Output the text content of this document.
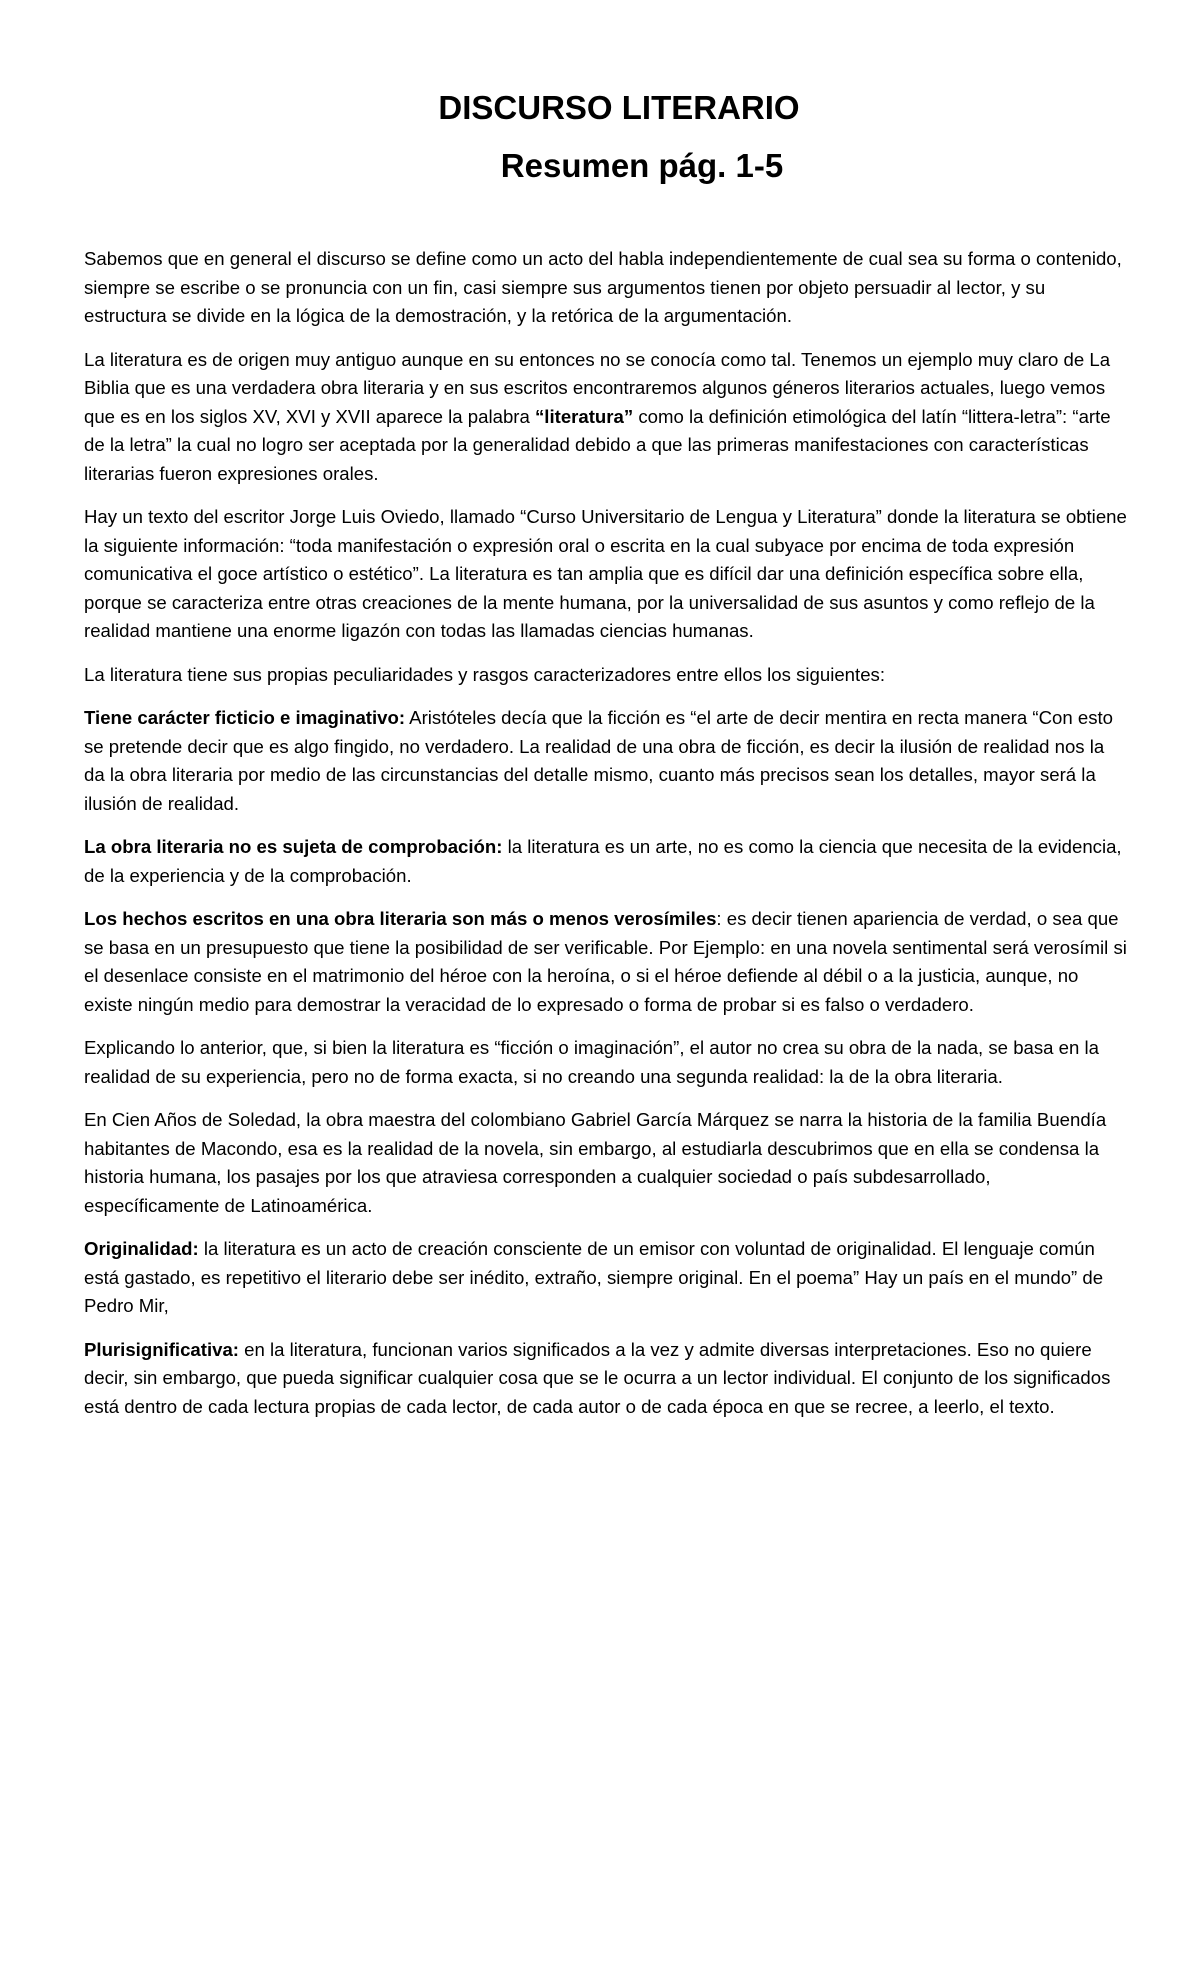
DISCURSO LITERARIO
Resumen pág. 1-5

Sabemos que en general el discurso se define como un acto del habla independientemente de cual sea su forma o contenido, siempre se escribe o se pronuncia con un fin, casi siempre sus argumentos tienen por objeto persuadir al lector, y su estructura se divide en la lógica de la demostración, y la retórica de la argumentación.

La literatura es de origen muy antiguo aunque en su entonces no se conocía como tal. Tenemos un ejemplo muy claro de La Biblia que es una verdadera obra literaria y en sus escritos encontraremos algunos géneros literarios actuales, luego vemos que es en los siglos XV, XVI y XVII aparece la palabra “literatura” como la definición etimológica del latín “littera-letra”: “arte de la letra” la cual no logro ser aceptada por la generalidad debido a que las primeras manifestaciones con características literarias fueron expresiones orales.

Hay un texto del escritor Jorge Luis Oviedo, llamado “Curso Universitario de Lengua y Literatura” donde la literatura se obtiene la siguiente información: “toda manifestación o expresión oral o escrita en la cual subyace por encima de toda expresión comunicativa el goce artístico o estético”. La literatura es tan amplia que es difícil dar una definición específica sobre ella, porque se caracteriza entre otras creaciones de la mente humana, por la universalidad de sus asuntos y como reflejo de la realidad mantiene una enorme ligazón con todas las llamadas ciencias humanas.

La literatura tiene sus propias peculiaridades y rasgos caracterizadores entre ellos los siguientes:

Tiene carácter ficticio e imaginativo: Aristóteles decía que la ficción es “el arte de decir mentira en recta manera “Con esto se pretende decir que es algo fingido, no verdadero. La realidad de una obra de ficción, es decir la ilusión de realidad nos la da la obra literaria por medio de las circunstancias del detalle mismo, cuanto más precisos sean los detalles, mayor será la ilusión de realidad.

La obra literaria no es sujeta de comprobación: la literatura es un arte, no es como la ciencia que necesita de la evidencia, de la experiencia y de la comprobación.

Los hechos escritos en una obra literaria son más o menos verosímiles: es decir tienen apariencia de verdad, o sea que se basa en un presupuesto que tiene la posibilidad de ser verificable. Por Ejemplo: en una novela sentimental será verosímil si el desenlace consiste en el matrimonio del héroe con la heroína, o si el héroe defiende al débil o a la justicia, aunque, no existe ningún medio para demostrar la veracidad de lo expresado o forma de probar si es falso o verdadero.

Explicando lo anterior, que, si bien la literatura es “ficción o imaginación”, el autor no crea su obra de la nada, se basa en la realidad de su experiencia, pero no de forma exacta, si no creando una segunda realidad: la de la obra literaria.

En Cien Años de Soledad, la obra maestra del colombiano Gabriel García Márquez se narra la historia de la familia Buendía habitantes de Macondo, esa es la realidad de la novela, sin embargo, al estudiarla descubrimos que en ella se condensa la historia humana, los pasajes por los que atraviesa corresponden a cualquier sociedad o país subdesarrollado, específicamente de Latinoamérica.

Originalidad: la literatura es un acto de creación consciente de un emisor con voluntad de originalidad. El lenguaje común está gastado, es repetitivo el literario debe ser inédito, extraño, siempre original. En el poema” Hay un país en el mundo” de Pedro Mir,

Plurisignificativa: en la literatura, funcionan varios significados a la vez y admite diversas interpretaciones. Eso no quiere decir, sin embargo, que pueda significar cualquier cosa que se le ocurra a un lector individual. El conjunto de los significados está dentro de cada lectura propias de cada lector, de cada autor o de cada época en que se recree, a leerlo, el texto.
